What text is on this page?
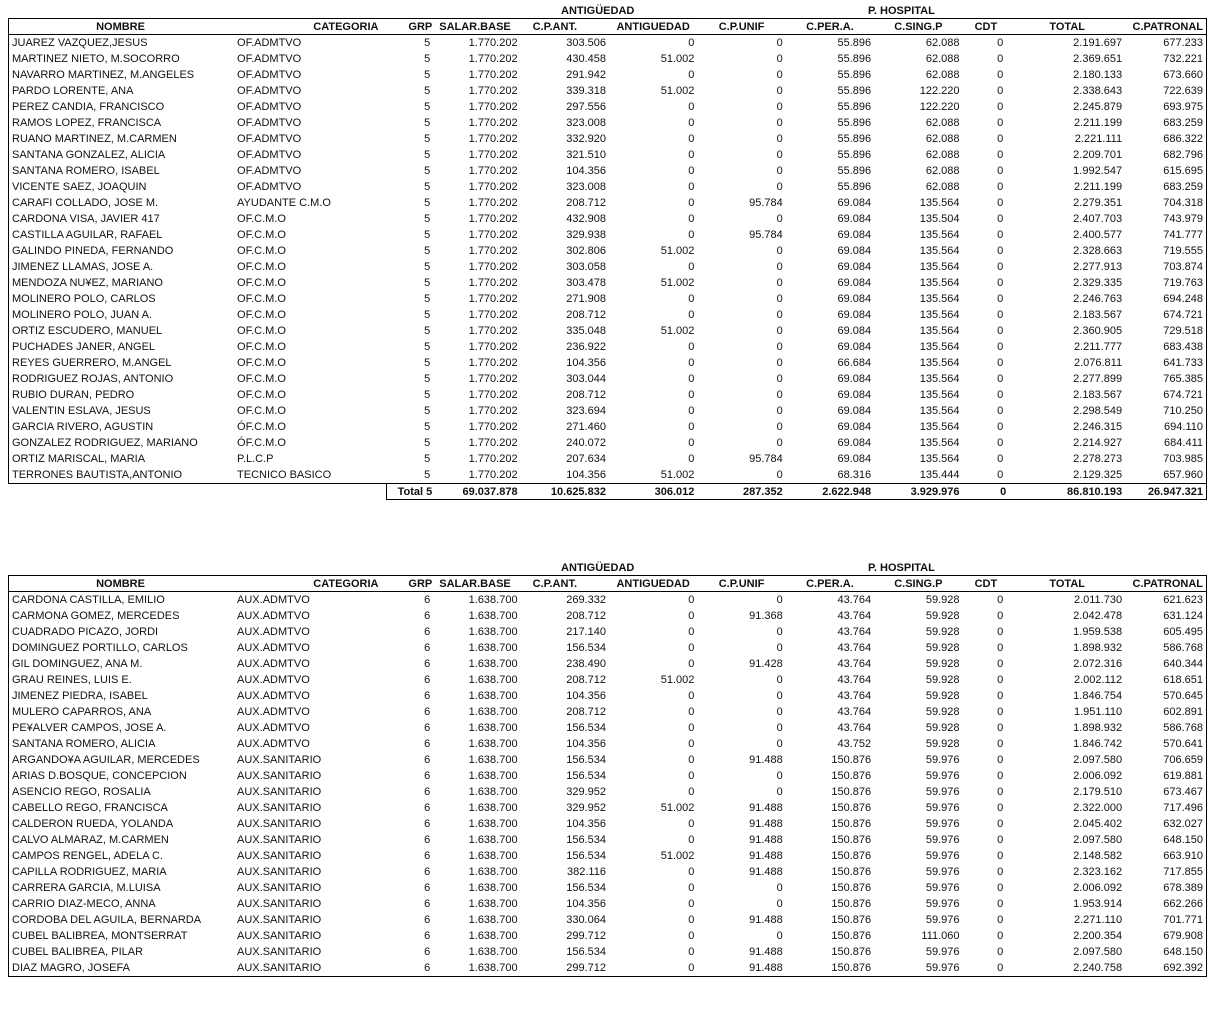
ANTIGÜEDAD	P. HOSPITAL
NOMBRE	CATEGORIA	GRP	SALAR.BASE	C.P.ANT.	ANTIGUEDAD	C.P.UNIF	C.PER.A.	C.SING.P	CDT	TOTAL	C.PATRONAL
JUAREZ VAZQUEZ,JESUS	OF.ADMTVO	5	1.770.202	303.506	0	0	55.896	62.088	0	2.191.697	677.233
MARTINEZ NIETO, M.SOCORRO	OF.ADMTVO	5	1.770.202	430.458	51.002	0	55.896	62.088	0	2.369.651	732.221
NAVARRO MARTINEZ, M.ANGELES	OF.ADMTVO	5	1.770.202	291.942	0	0	55.896	62.088	0	2.180.133	673.660
PARDO LORENTE, ANA	OF.ADMTVO	5	1.770.202	339.318	51.002	0	55.896	122.220	0	2.338.643	722.639
PEREZ CANDIA, FRANCISCO	OF.ADMTVO	5	1.770.202	297.556	0	0	55.896	122.220	0	2.245.879	693.975
RAMOS LOPEZ, FRANCISCA	OF.ADMTVO	5	1.770.202	323.008	0	0	55.896	62.088	0	2.211.199	683.259
RUANO MARTINEZ, M.CARMEN	OF.ADMTVO	5	1.770.202	332.920	0	0	55.896	62.088	0	2.221.111	686.322
SANTANA GONZALEZ, ALICIA	OF.ADMTVO	5	1.770.202	321.510	0	0	55.896	62.088	0	2.209.701	682.796
SANTANA ROMERO, ISABEL	OF.ADMTVO	5	1.770.202	104.356	0	0	55.896	62.088	0	1.992.547	615.695
VICENTE SAEZ, JOAQUIN	OF.ADMTVO	5	1.770.202	323.008	0	0	55.896	62.088	0	2.211.199	683.259
CARAFI COLLADO, JOSE M.	AYUDANTE C.M.O	5	1.770.202	208.712	0	95.784	69.084	135.564	0	2.279.351	704.318
CARDONA VISA, JAVIER 417	OF.C.M.O	5	1.770.202	432.908	0	0	69.084	135.504	0	2.407.703	743.979
CASTILLA AGUILAR, RAFAEL	OF.C.M.O	5	1.770.202	329.938	0	95.784	69.084	135.564	0	2.400.577	741.777
GALINDO PINEDA, FERNANDO	OF.C.M.O	5	1.770.202	302.806	51.002	0	69.084	135.564	0	2.328.663	719.555
JIMENEZ LLAMAS, JOSE A.	OF.C.M.O	5	1.770.202	303.058	0	0	69.084	135.564	0	2.277.913	703.874
MENDOZA NU¥EZ, MARIANO	OF.C.M.O	5	1.770.202	303.478	51.002	0	69.084	135.564	0	2.329.335	719.763
MOLINERO POLO, CARLOS	OF.C.M.O	5	1.770.202	271.908	0	0	69.084	135.564	0	2.246.763	694.248
MOLINERO POLO, JUAN A.	OF.C.M.O	5	1.770.202	208.712	0	0	69.084	135.564	0	2.183.567	674.721
ORTIZ ESCUDERO, MANUEL	OF.C.M.O	5	1.770.202	335.048	51.002	0	69.084	135.564	0	2.360.905	729.518
PUCHADES JANER, ANGEL	OF.C.M.O	5	1.770.202	236.922	0	0	69.084	135.564	0	2.211.777	683.438
REYES GUERRERO, M.ANGEL	OF.C.M.O	5	1.770.202	104.356	0	0	66.684	135.564	0	2.076.811	641.733
RODRIGUEZ ROJAS, ANTONIO	OF.C.M.O	5	1.770.202	303.044	0	0	69.084	135.564	0	2.277.899	765.385
RUBIO DURAN, PEDRO	OF.C.M.O	5	1.770.202	208.712	0	0	69.084	135.564	0	2.183.567	674.721
VALENTIN ESLAVA, JESUS	OF.C.M.O	5	1.770.202	323.694	0	0	69.084	135.564	0	2.298.549	710.250
GARCIA RIVERO, AGUSTIN	ÓF.C.M.O	5	1.770.202	271.460	0	0	69.084	135.564	0	2.246.315	694.110
GONZALEZ RODRIGUEZ, MARIANO	ÓF.C.M.O	5	1.770.202	240.072	0	0	69.084	135.564	0	2.214.927	684.411
ORTIZ MARISCAL, MARIA	P.L.C.P	5	1.770.202	207.634	0	95.784	69.084	135.564	0	2.278.273	703.985
TERRONES BAUTISTA,ANTONIO	TECNICO BASICO	5	1.770.202	104.356	51.002	0	68.316	135.444	0	2.129.325	657.960
		Total 5	69.037.878	10.625.832	306.012	287.352	2.622.948	3.929.976	0	86.810.193	26.947.321
ANTIGÜEDAD	P. HOSPITAL
NOMBRE	CATEGORIA	GRP	SALAR.BASE	C.P.ANT.	ANTIGUEDAD	C.P.UNIF	C.PER.A.	C.SING.P	CDT	TOTAL	C.PATRONAL
CARDONA CASTILLA, EMILIO	AUX.ADMTVO	6	1.638.700	269.332	0	0	43.764	59.928	0	2.011.730	621.623
CARMONA GOMEZ, MERCEDES	AUX.ADMTVO	6	1.638.700	208.712	0	91.368	43.764	59.928	0	2.042.478	631.124
CUADRADO PICAZO, JORDI	AUX.ADMTVO	6	1.638.700	217.140	0	0	43.764	59.928	0	1.959.538	605.495
DOMINGUEZ PORTILLO, CARLOS	AUX.ADMTVO	6	1.638.700	156.534	0	0	43.764	59.928	0	1.898.932	586.768
GIL DOMINGUEZ, ANA M.	AUX.ADMTVO	6	1.638.700	238.490	0	91.428	43.764	59.928	0	2.072.316	640.344
GRAU REINES, LUIS E.	AUX.ADMTVO	6	1.638.700	208.712	51.002	0	43.764	59.928	0	2.002.112	618.651
JIMENEZ PIEDRA, ISABEL	AUX.ADMTVO	6	1.638.700	104.356	0	0	43.764	59.928	0	1.846.754	570.645
MULERO CAPARROS, ANA	AUX.ADMTVO	6	1.638.700	208.712	0	0	43.764	59.928	0	1.951.110	602.891
PE¥ALVER CAMPOS, JOSE A.	AUX.ADMTVO	6	1.638.700	156.534	0	0	43.764	59.928	0	1.898.932	586.768
SANTANA ROMERO, ALICIA	AUX.ADMTVO	6	1.638.700	104.356	0	0	43.752	59.928	0	1.846.742	570.641
ARGANDO¥A AGUILAR, MERCEDES	AUX.SANITARIO	6	1.638.700	156.534	0	91.488	150.876	59.976	0	2.097.580	706.659
ARIAS D.BOSQUE, CONCEPCION	AUX.SANITARIO	6	1.638.700	156.534	0	0	150.876	59.976	0	2.006.092	619.881
ASENCIO REGO, ROSALIA	AUX.SANITARIO	6	1.638.700	329.952	0	0	150.876	59.976	0	2.179.510	673.467
CABELLO REGO, FRANCISCA	AUX.SANITARIO	6	1.638.700	329.952	51.002	91.488	150.876	59.976	0	2.322.000	717.496
CALDERON RUEDA, YOLANDA	AUX.SANITARIO	6	1.638.700	104.356	0	91.488	150.876	59.976	0	2.045.402	632.027
CALVO ALMARAZ, M.CARMEN	AUX.SANITARIO	6	1.638.700	156.534	0	91.488	150.876	59.976	0	2.097.580	648.150
CAMPOS RENGEL, ADELA C.	AUX.SANITARIO	6	1.638.700	156.534	51.002	91.488	150.876	59.976	0	2.148.582	663.910
CAPILLA RODRIGUEZ, MARIA	AUX.SANITARIO	6	1.638.700	382.116	0	91.488	150.876	59.976	0	2.323.162	717.855
CARRERA GARCIA, M.LUISA	AUX.SANITARIO	6	1.638.700	156.534	0	0	150.876	59.976	0	2.006.092	678.389
CARRIO DIAZ-MECO, ANNA	AUX.SANITARIO	6	1.638.700	104.356	0	0	150.876	59.976	0	1.953.914	662.266
CORDOBA DEL AGUILA, BERNARDA	AUX.SANITARIO	6	1.638.700	330.064	0	91.488	150.876	59.976	0	2.271.110	701.771
CUBEL BALIBREA, MONTSERRAT	AUX.SANITARIO	6	1.638.700	299.712	0	0	150.876	111.060	0	2.200.354	679.908
CUBEL BALIBREA, PILAR	AUX.SANITARIO	6	1.638.700	156.534	0	91.488	150.876	59.976	0	2.097.580	648.150
DIAZ MAGRO, JOSEFA	AUX.SANITARIO	6	1.638.700	299.712	0	91.488	150.876	59.976	0	2.240.758	692.392
